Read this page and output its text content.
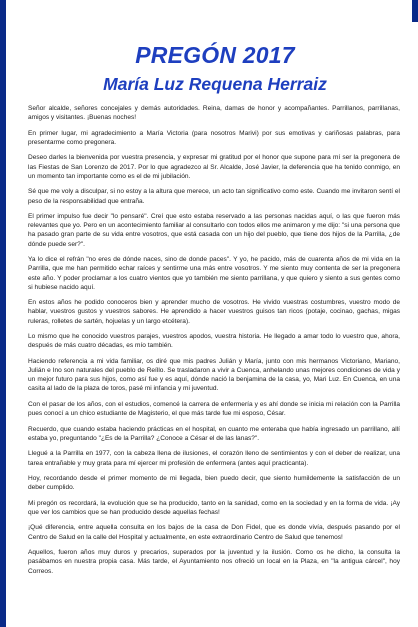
PREGÓN 2017
María Luz Requena Herraiz

Señor alcalde, señores concejales y demás autoridades. Reina, damas de honor y acompañantes. Parrillanos, parrillanas, amigos y visitantes. ¡Buenas noches!

En primer lugar, mi agradecimiento a María Victoria (para nosotros Marivi) por sus emotivas y cariñosas palabras, para presentarme como pregonera.

Deseo darles la bienvenida por vuestra presencia, y expresar mi gratitud por el honor que supone para mí ser la pregonera de las Fiestas de San Lorenzo de 2017. Por lo que agradezco al Sr. Alcalde, José Javier, la deferencia que ha tenido conmigo, en un momento tan importante como es el de mi jubilación.

Sé que me voly a disculpar, si no estoy a la altura que merece, un acto tan significativo como este. Cuando me invitaron sentí el peso de la responsabilidad que entraña.

El primer impulso fue decir "lo pensaré". Creí que esto estaba reservado a las personas nacidas aquí, o las que fueron más relevantes que yo. Pero en un acontecimiento familiar al consultarlo con todos ellos me animaron y me dijo: "si una persona que ha pasado gran parte de su vida entre vosotros, que está casada con un hijo del pueblo, que tiene dos hijos de la Parrilla, ¿de dónde puede ser?".

Ya lo dice el refrán "no eres de dónde naces, sino de donde paces". Y yo, he pacido, más de cuarenta años de mi vida en la Parrilla, que me han permitido echar raíces y sentirme una más entre vosotros. Y me siento muy contenta de ser la pregonera este año. Y poder proclamar a los cuatro vientos que yo también me siento parrillana, y que quiero y siento a sus gentes como si hubiese nacido aquí.

En estos años he podido conoceros bien y aprender mucho de vosotros. He vivido vuestras costumbres, vuestro modo de hablar, vuestros gustos y vuestros sabores. He aprendido a hacer vuestros guisos tan ricos (potaje, cocinao, gachas, migas ruleras, rolletes de sartén, hojuelas y un largo etcétera).

Lo mismo que he conocido vuestros parajes, vuestros apodos, vuestra historia. He llegado a amar todo lo vuestro que, ahora, después de más cuatro décadas, es mío también.

Haciendo referencia a mi vida familiar, os diré que mis padres Julián y María, junto con mis hermanos Victoriano, Mariano, Julián e Ino son naturales del pueblo de Reíllo. Se trasladaron a vivir a Cuenca, anhelando unas mejores condiciones de vida y un mejor futuro para sus hijos, como así fue y es aquí, dónde nació la benjamina de la casa, yo, Mari Luz. En Cuenca, en una casita al lado de la plaza de toros, pasé mi infancia y mi juventud.

Con el pasar de los años, con el estudios, comencé la carrera de enfermería y es ahí donde se inicia mi relación con la Parrilla pues conocí a un chico estudiante de Magisterio, el que más tarde fue mi esposo, César.

Recuerdo, que cuando estaba haciendo prácticas en el hospital, en cuanto me enteraba que había ingresado un parrillano, allí estaba yo, preguntando "¿Es de la Parrilla? ¿Conoce a César el de las lanas?".

Llegué a la Parrilla en 1977, con la cabeza llena de ilusiones, el corazón lleno de sentimientos y con el deber de realizar, una tarea entrañable y muy grata para mí ejercer mi profesión de enfermera (antes aquí practicanta).

Hoy, recordando desde el primer momento de mi llegada, bien puedo decir, que siento humildemente la satisfacción de un deber cumplido.

Mi pregón os recordará, la evolución que se ha producido, tanto en la sanidad, como en la sociedad y en la forma de vida. ¡Ay que ver los cambios que se han producido desde aquellas fechas!

¡Qué diferencia, entre aquella consulta en los bajos de la casa de Don Fidel, que es donde vivía, después pasando por el Centro de Salud en la calle del Hospital y actualmente, en este extraordinario Centro de Salud que tenemos!

Aquellos, fueron años muy duros y precarios, superados por la juventud y la ilusión. Como os he dicho, la consulta la pasábamos en nuestra propia casa. Más tarde, el Ayuntamiento nos ofreció un local en la Plaza, en "la antigua cárcel", hoy Correos.
